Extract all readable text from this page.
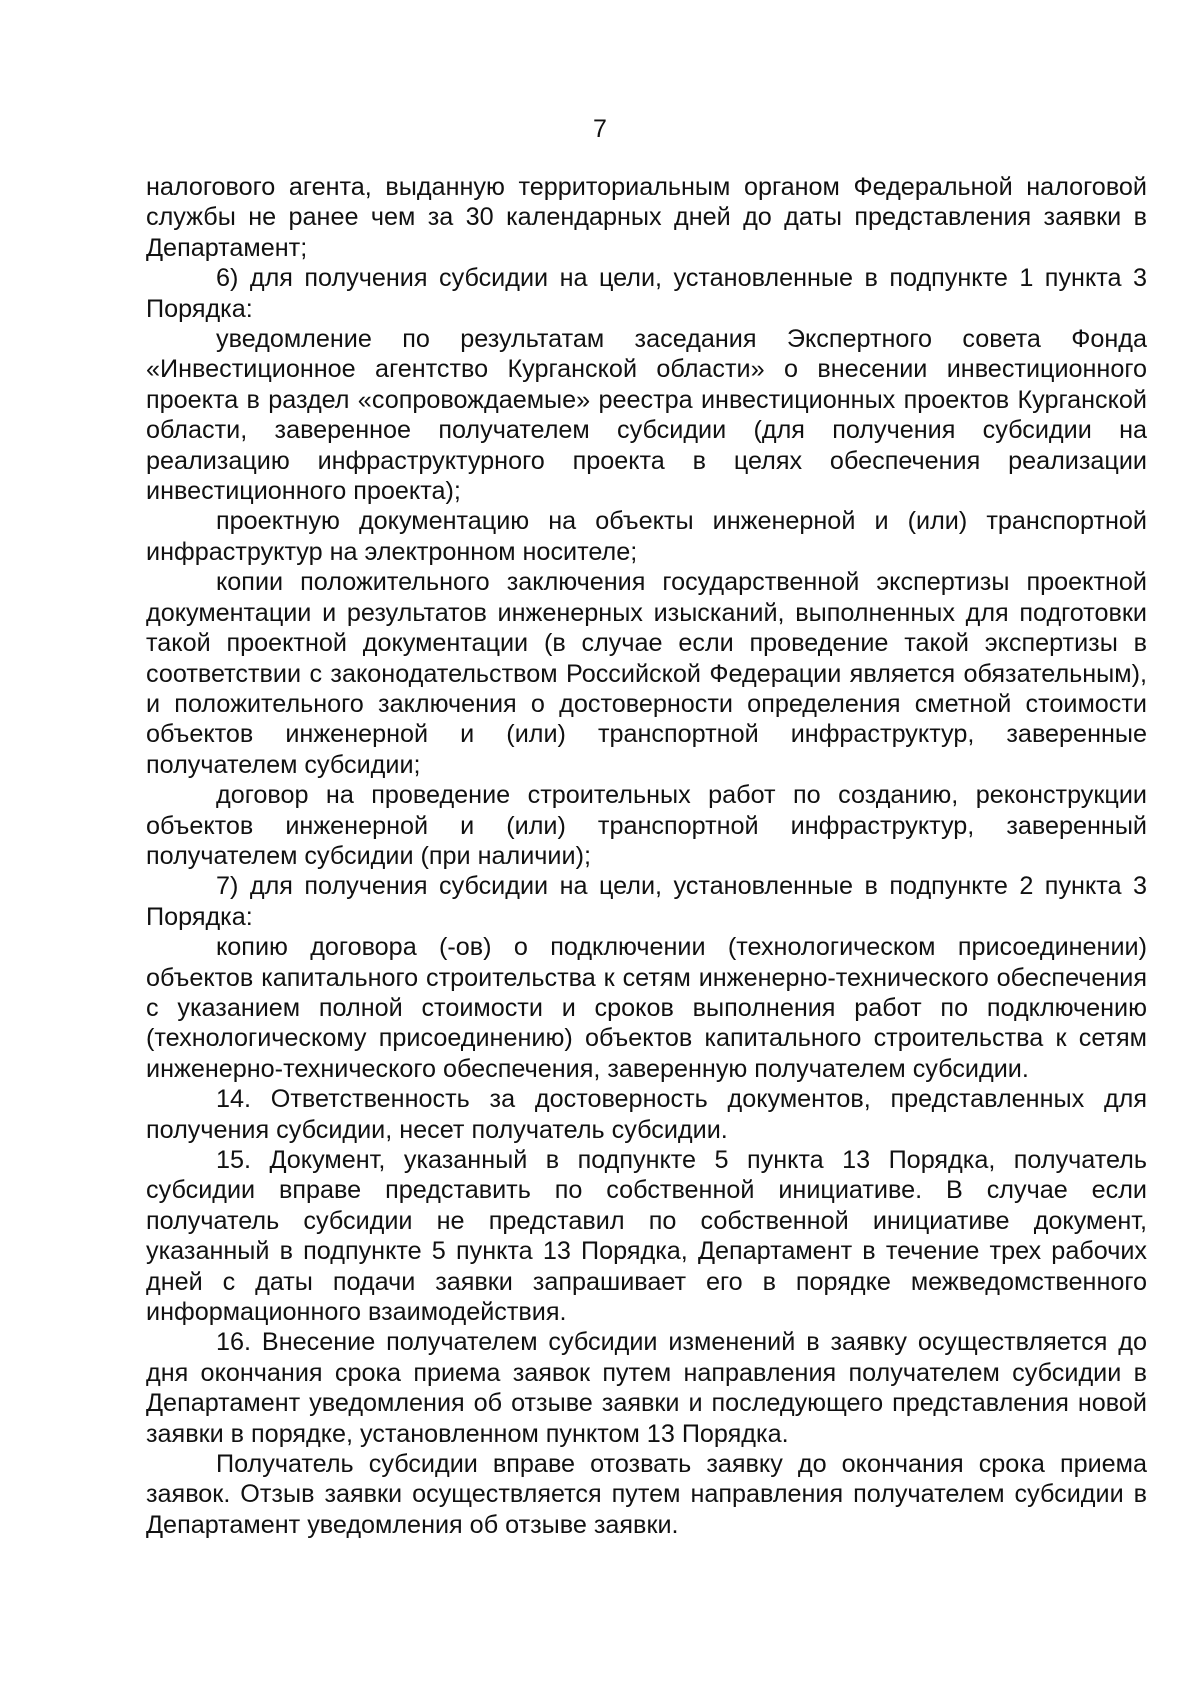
7

налогового агента, выданную территориальным органом Федеральной налоговой службы не ранее чем за 30 календарных дней до даты представления заявки в Департамент;

6) для получения субсидии на цели, установленные в подпункте 1 пункта 3 Порядка:

уведомление по результатам заседания Экспертного совета Фонда «Инвестиционное агентство Курганской области» о внесении инвестиционного проекта в раздел «сопровождаемые» реестра инвестиционных проектов Курганской области, заверенное получателем субсидии (для получения субсидии на реализацию инфраструктурного проекта в целях обеспечения реализации инвестиционного проекта);

проектную документацию на объекты инженерной и (или) транспортной инфраструктур на электронном носителе;

копии положительного заключения государственной экспертизы проектной документации и результатов инженерных изысканий, выполненных для подготовки такой проектной документации (в случае если проведение такой экспертизы в соответствии с законодательством Российской Федерации является обязательным), и положительного заключения о достоверности определения сметной стоимости объектов инженерной и (или) транспортной инфраструктур, заверенные получателем субсидии;

договор на проведение строительных работ по созданию, реконструкции объектов инженерной и (или) транспортной инфраструктур, заверенный получателем субсидии (при наличии);

7) для получения субсидии на цели, установленные в подпункте 2 пункта 3 Порядка:

копию договора (-ов) о подключении (технологическом присоединении) объектов капитального строительства к сетям инженерно-технического обеспечения с указанием полной стоимости и сроков выполнения работ по подключению (технологическому присоединению) объектов капитального строительства к сетям инженерно-технического обеспечения, заверенную получателем субсидии.

14. Ответственность за достоверность документов, представленных для получения субсидии, несет получатель субсидии.

15. Документ, указанный в подпункте 5 пункта 13 Порядка, получатель субсидии вправе представить по собственной инициативе. В случае если получатель субсидии не представил по собственной инициативе документ, указанный в подпункте 5 пункта 13 Порядка, Департамент в течение трех рабочих дней с даты подачи заявки запрашивает его в порядке межведомственного информационного взаимодействия.

16. Внесение получателем субсидии изменений в заявку осуществляется до дня окончания срока приема заявок путем направления получателем субсидии в Департамент уведомления об отзыве заявки и последующего представления новой заявки в порядке, установленном пунктом 13 Порядка.

Получатель субсидии вправе отозвать заявку до окончания срока приема заявок. Отзыв заявки осуществляется путем направления получателем субсидии в Департамент уведомления об отзыве заявки.
